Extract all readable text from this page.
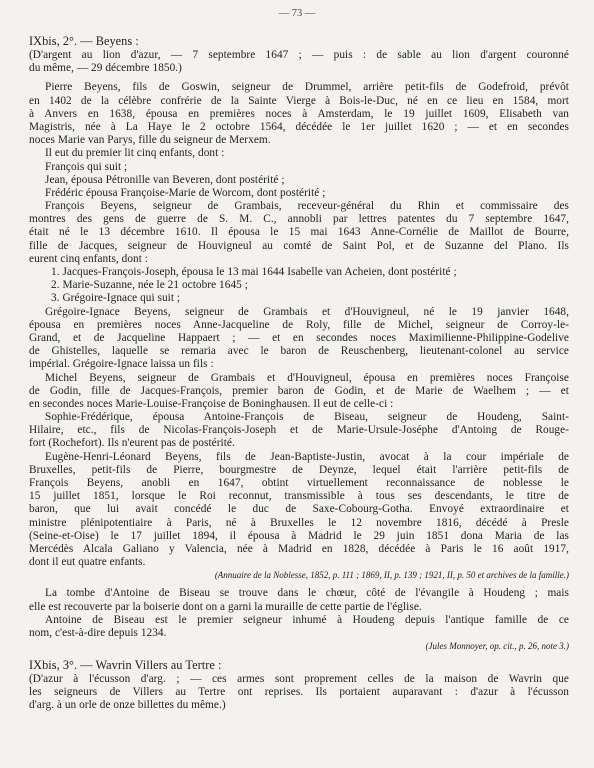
— 73 —
IXbis, 2°. — Beyens :
(D'argent au lion d'azur, — 7 septembre 1647 ; — puis : de sable au lion d'argent couronné
du même, — 29 décembre 1850.)
Pierre Beyens, fils de Goswin, seigneur de Drummel, arrière petit-fils de Godefroid, prévôt
en 1402 de la célèbre confrérie de la Sainte Vierge à Bois-le-Duc, né en ce lieu en 1584, mort
à Anvers en 1638, épousa en premières noces à Amsterdam, le 19 juillet 1609, Elisabeth van
Magistris, née à La Haye le 2 octobre 1564, décédée le 1er juillet 1620 ; — et en secondes
noces Marie van Parys, fille du seigneur de Merxem.
Il eut du premier lit cinq enfants, dont :
François qui suit ;
Jean, épousa Pétronille van Beveren, dont postérité ;
Frédéric épousa Françoise-Marie de Worcom, dont postérité ;
François Beyens, seigneur de Grambais, receveur-général du Rhin et commissaire des
montres des gens de guerre de S. M. C., annobli par lettres patentes du 7 septembre 1647,
était né le 13 décembre 1610. Il épousa le 15 mai 1643 Anne-Cornélie de Maillot de Bourre,
fille de Jacques, seigneur de Houvigneul au comté de Saint Pol, et de Suzanne del Plano. Ils
eurent cinq enfants, dont :
1. Jacques-François-Joseph, épousa le 13 mai 1644 Isabelle van Acheien, dont postérité ;
2. Marie-Suzanne, née le 21 octobre 1645 ;
3. Grégoire-Ignace qui suit ;
Grégoire-Ignace Beyens, seigneur de Grambais et d'Houvigneul, né le 19 janvier 1648,
épousa en premières noces Anne-Jacqueline de Roly, fille de Michel, seigneur de Corroy-le-
Grand, et de Jacqueline Happaert ; — et en secondes noces Maximilienne-Philippine-Godelive
de Ghistelles, laquelle se remaria avec le baron de Reuschenberg, lieutenant-colonel au service
impérial. Grégoire-Ignace laissa un fils :
Michel Beyens, seigneur de Grambais et d'Houvigneul, épousa en premières noces Françoise
de Godin, fille de Jacques-François, premier baron de Godin, et de Marie de Waelhem ; — et
en secondes noces Marie-Louise-Françoise de Boninghausen. Il eut de celle-ci :
Sophie-Frédérique, épousa Antoine-François de Biseau, seigneur de Houdeng, Saint-
Hilaire, etc., fils de Nicolas-François-Joseph et de Marie-Ursule-Joséphe d'Antoing de Rouge-
fort (Rochefort). Ils n'eurent pas de postérité.
Eugène-Henri-Léonard Beyens, fils de Jean-Baptiste-Justin, avocat à la cour impériale de
Bruxelles, petit-fils de Pierre, bourgmestre de Deynze, lequel était l'arrière petit-fils de
François Beyens, anobli en 1647, obtint virtuellement reconnaissance de noblesse le
15 juillet 1851, lorsque le Roi reconnut, transmissible à tous ses descendants, le titre de
baron, que lui avait concédé le duc de Saxe-Cobourg-Gotha. Envoyé extraordinaire et
ministre plénipotentiaire à Paris, né à Bruxelles le 12 novembre 1816, décédé à Presle
(Seine-et-Oise) le 17 juillet 1894, il épousa à Madrid le 29 juin 1851 dona Maria de las
Mercédès Alcala Galiano y Valencia, née à Madrid en 1828, décédée à Paris le 16 août 1917,
dont il eut quatre enfants.
(Annuaire de la Noblesse, 1852, p. 111 ; 1869, II, p. 139 ; 1921, II, p. 50 et archives de la famille.)
La tombe d'Antoine de Biseau se trouve dans le chœur, côté de l'évangile à Houdeng ; mais
elle est recouverte par la boiserie dont on a garni la muraille de cette partie de l'église.
Antoine de Biseau est le premier seigneur inhumé à Houdeng depuis l'antique famille de ce
nom, c'est-à-dire depuis 1234.
(Jules Monnoyer, op. cit., p. 26, note 3.)
IXbis, 3°. — Wavrin Villers au Tertre :
(D'azur à l'écusson d'arg. ; — ces armes sont proprement celles de la maison de Wavrin que
les seigneurs de Villers au Tertre ont reprises. Ils portaient auparavant : d'azur à l'écusson
d'arg. à un orle de onze billettes du même.)
